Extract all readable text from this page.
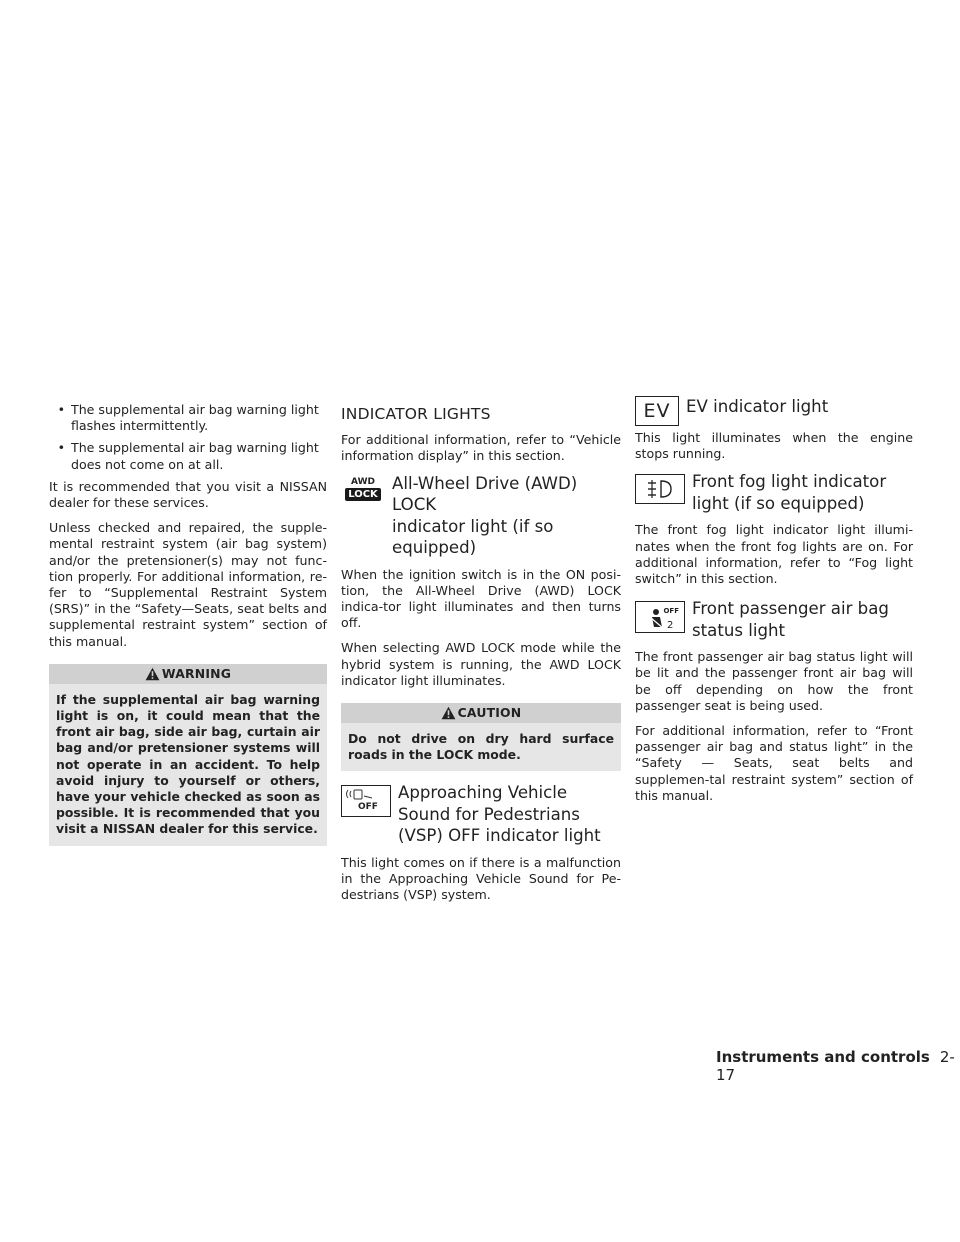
• The supplemental air bag warning light flashes intermittently.
• The supplemental air bag warning light does not come on at all.

It is recommended that you visit a NISSAN dealer for these services.

Unless checked and repaired, the supple-mental restraint system (air bag system) and/or the pretensioner(s) may not func-tion properly. For additional information, re-fer to “Supplemental Restraint System (SRS)” in the “Safety—Seats, seat belts and supplemental restraint system” section of this manual.

WARNING
If the supplemental air bag warning light is on, it could mean that the front air bag, side air bag, curtain air bag and/or pretensioner systems will not operate in an accident. To help avoid injury to yourself or others, have your vehicle checked as soon as possible. It is recommended that you visit a NISSAN dealer for this service.
INDICATOR LIGHTS

For additional information, refer to “Vehicle information display” in this section.

AWD
LOCK
All-Wheel Drive (AWD) LOCK
indicator light (if so
equipped)

When the ignition switch is in the ON posi-tion, the All-Wheel Drive (AWD) LOCK indica-tor light illuminates and then turns off.

When selecting AWD LOCK mode while the hybrid system is running, the AWD LOCK indicator light illuminates.

CAUTION
Do not drive on dry hard surface roads in the LOCK mode.
OFF
Approaching Vehicle
Sound for Pedestrians
(VSP) OFF indicator light

This light comes on if there is a malfunction in the Approaching Vehicle Sound for Pe-destrians (VSP) system.

EV EV indicator light

This light illuminates when the engine stops running.

Front fog light indicator
light (if so equipped)

The front fog light indicator light illumi-nates when the front fog lights are on. For additional information, refer to “Fog light switch” in this section.

OFF
2
Front passenger air bag
status light

The front passenger air bag status light will be lit and the passenger front air bag will be off depending on how the front passenger seat is being used.

For additional information, refer to “Front passenger air bag and status light” in the “Safety — Seats, seat belts and supplemen-tal restraint system” section of this manual.

Instruments and controls 2-17
